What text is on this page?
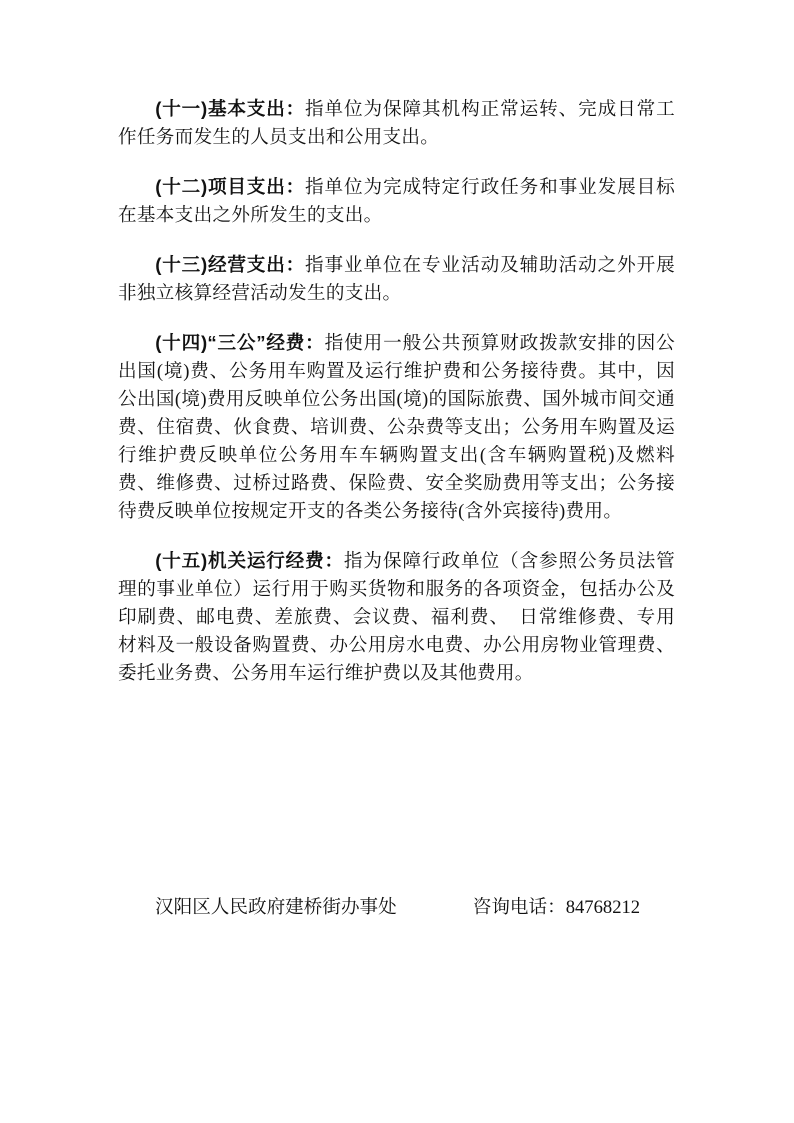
(十一)基本支出：指单位为保障其机构正常运转、完成日常工作任务而发生的人员支出和公用支出。

(十二)项目支出：指单位为完成特定行政任务和事业发展目标在基本支出之外所发生的支出。

(十三)经营支出：指事业单位在专业活动及辅助活动之外开展非独立核算经营活动发生的支出。

(十四)“三公”经费：指使用一般公共预算财政拨款安排的因公出国(境)费、公务用车购置及运行维护费和公务接待费。其中，因公出国(境)费用反映单位公务出国(境)的国际旅费、国外城市间交通费、住宿费、伙食费、培训费、公杂费等支出；公务用车购置及运行维护费反映单位公务用车车辆购置支出(含车辆购置税)及燃料费、维修费、过桥过路费、保险费、安全奖励费用等支出；公务接待费反映单位按规定开支的各类公务接待(含外宾接待)费用。

(十五)机关运行经费：指为保障行政单位（含参照公务员法管理的事业单位）运行用于购买货物和服务的各项资金，包括办公及印刷费、邮电费、差旅费、会议费、福利费、　日常维修费、专用材料及一般设备购置费、办公用房水电费、办公用房物业管理费、委托业务费、公务用车运行维护费以及其他费用。

汉阳区人民政府建桥街办事处	咨询电话：84768212
